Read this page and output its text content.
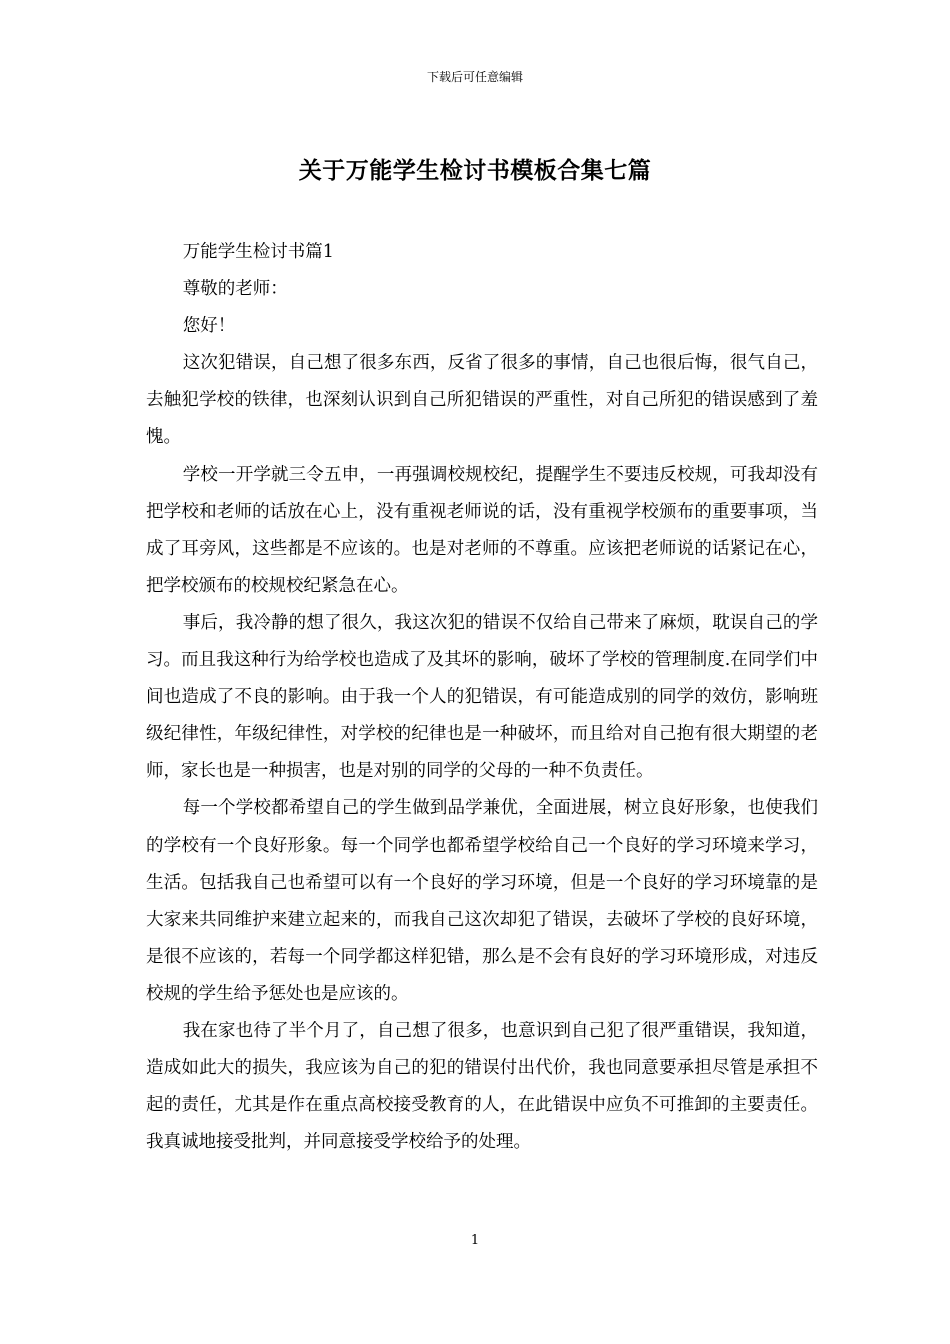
下载后可任意编辑
关于万能学生检讨书模板合集七篇

万能学生检讨书篇1

尊敬的老师：

您好！

这次犯错误，自己想了很多东西，反省了很多的事情，自己也很后悔，很气自己，去触犯学校的铁律，也深刻认识到自己所犯错误的严重性，对自己所犯的错误感到了羞愧。

学校一开学就三令五申，一再强调校规校纪，提醒学生不要违反校规，可我却没有把学校和老师的话放在心上，没有重视老师说的话，没有重视学校颁布的重要事项，当成了耳旁风，这些都是不应该的。也是对老师的不尊重。应该把老师说的话紧记在心，把学校颁布的校规校纪紧急在心。

事后，我冷静的想了很久，我这次犯的错误不仅给自己带来了麻烦，耽误自己的学习。而且我这种行为给学校也造成了及其坏的影响，破坏了学校的管理制度.在同学们中间也造成了不良的影响。由于我一个人的犯错误，有可能造成别的同学的效仿，影响班级纪律性，年级纪律性，对学校的纪律也是一种破坏，而且给对自己抱有很大期望的老师，家长也是一种损害，也是对别的同学的父母的一种不负责任。

每一个学校都希望自己的学生做到品学兼优，全面进展，树立良好形象，也使我们的学校有一个良好形象。每一个同学也都希望学校给自己一个良好的学习环境来学习，生活。包括我自己也希望可以有一个良好的学习环境，但是一个良好的学习环境靠的是大家来共同维护来建立起来的，而我自己这次却犯了错误，去破坏了学校的良好环境，是很不应该的，若每一个同学都这样犯错，那么是不会有良好的学习环境形成，对违反校规的学生给予惩处也是应该的。

我在家也待了半个月了，自己想了很多，也意识到自己犯了很严重错误，我知道，造成如此大的损失，我应该为自己的犯的错误付出代价，我也同意要承担尽管是承担不起的责任，尤其是作在重点高校接受教育的人，在此错误中应负不可推卸的主要责任。我真诚地接受批判，并同意接受学校给予的处理。

1
